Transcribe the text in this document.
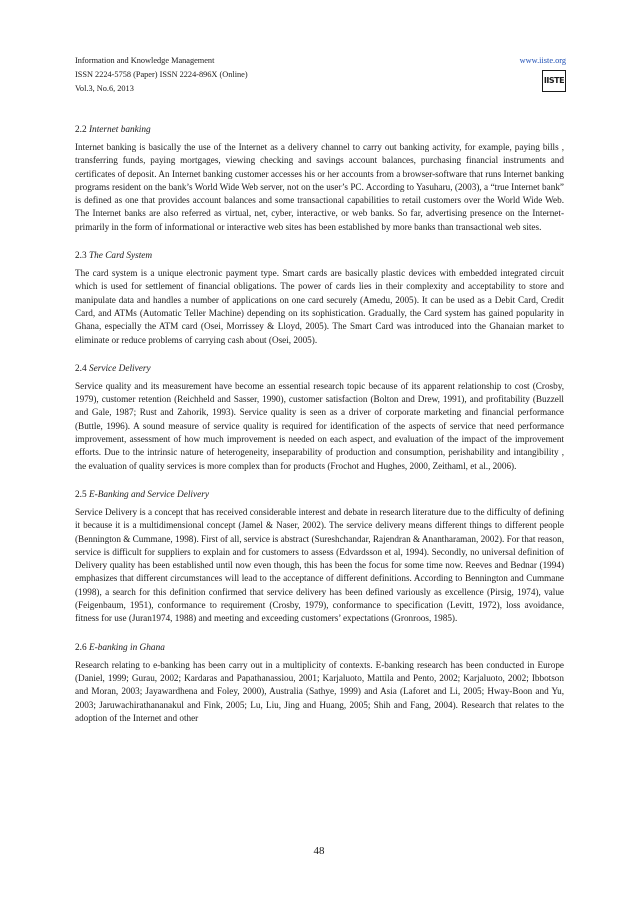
Information and Knowledge Management
ISSN 2224-5758 (Paper) ISSN 2224-896X (Online)
Vol.3, No.6, 2013
www.iiste.org
IISTE
2.2 Internet banking

Internet banking is basically the use of the Internet as a delivery channel to carry out banking activity, for example, paying bills , transferring funds, paying mortgages, viewing checking and savings account balances, purchasing financial instruments and certificates of deposit. An Internet banking customer accesses his or her accounts from a browser-software that runs Internet banking programs resident on the bank’s World Wide Web server, not on the user’s PC. According to Yasuharu, (2003), a “true Internet bank” is defined as one that provides account balances and some transactional capabilities to retail customers over the World Wide Web. The Internet banks are also referred as virtual, net, cyber, interactive, or web banks. So far, advertising presence on the Internet-primarily in the form of informational or interactive web sites has been established by more banks than transactional web sites.

2.3 The Card System

The card system is a unique electronic payment type. Smart cards are basically plastic devices with embedded integrated circuit which is used for settlement of financial obligations. The power of cards lies in their complexity and acceptability to store and manipulate data and handles a number of applications on one card securely (Amedu, 2005). It can be used as a Debit Card, Credit Card, and ATMs (Automatic Teller Machine) depending on its sophistication. Gradually, the Card system has gained popularity in Ghana, especially the ATM card (Osei, Morrissey & Lloyd, 2005). The Smart Card was introduced into the Ghanaian market to eliminate or reduce problems of carrying cash about (Osei, 2005).

2.4 Service Delivery

Service quality and its measurement have become an essential research topic because of its apparent relationship to cost (Crosby, 1979), customer retention (Reichheld and Sasser, 1990), customer satisfaction (Bolton and Drew, 1991), and profitability (Buzzell and Gale, 1987; Rust and Zahorik, 1993). Service quality is seen as a driver of corporate marketing and financial performance (Buttle, 1996). A sound measure of service quality is required for identification of the aspects of service that need performance improvement, assessment of how much improvement is needed on each aspect, and evaluation of the impact of the improvement efforts. Due to the intrinsic nature of heterogeneity, inseparability of production and consumption, perishability and intangibility , the evaluation of quality services is more complex than for products (Frochot and Hughes, 2000, Zeithaml, et al., 2006).

2.5 E-Banking and Service Delivery

Service Delivery is a concept that has received considerable interest and debate in research literature due to the difficulty of defining it because it is a multidimensional concept (Jamel & Naser, 2002). The service delivery means different things to different people (Bennington & Cummane, 1998). First of all, service is abstract (Sureshchandar, Rajendran & Anantharaman, 2002). For that reason, service is difficult for suppliers to explain and for customers to assess (Edvardsson et al, 1994). Secondly, no universal definition of Delivery quality has been established until now even though, this has been the focus for some time now. Reeves and Bednar (1994) emphasizes that different circumstances will lead to the acceptance of different definitions. According to Bennington and Cummane (1998), a search for this definition confirmed that service delivery has been defined variously as excellence (Pirsig, 1974), value (Feigenbaum, 1951), conformance to requirement (Crosby, 1979), conformance to specification (Levitt, 1972), loss avoidance, fitness for use (Juran1974, 1988) and meeting and exceeding customers’ expectations (Gronroos, 1985).

2.6 E-banking in Ghana

Research relating to e-banking has been carry out in a multiplicity of contexts. E-banking research has been conducted in Europe (Daniel, 1999; Gurau, 2002; Kardaras and Papathanassiou, 2001; Karjaluoto, Mattila and Pento, 2002; Karjaluoto, 2002; Ibbotson and Moran, 2003; Jayawardhena and Foley, 2000), Australia (Sathye, 1999) and Asia (Laforet and Li, 2005; Hway-Boon and Yu, 2003; Jaruwachirathananakul and Fink, 2005; Lu, Liu, Jing and Huang, 2005; Shih and Fang, 2004). Research that relates to the adoption of the Internet and other

48
